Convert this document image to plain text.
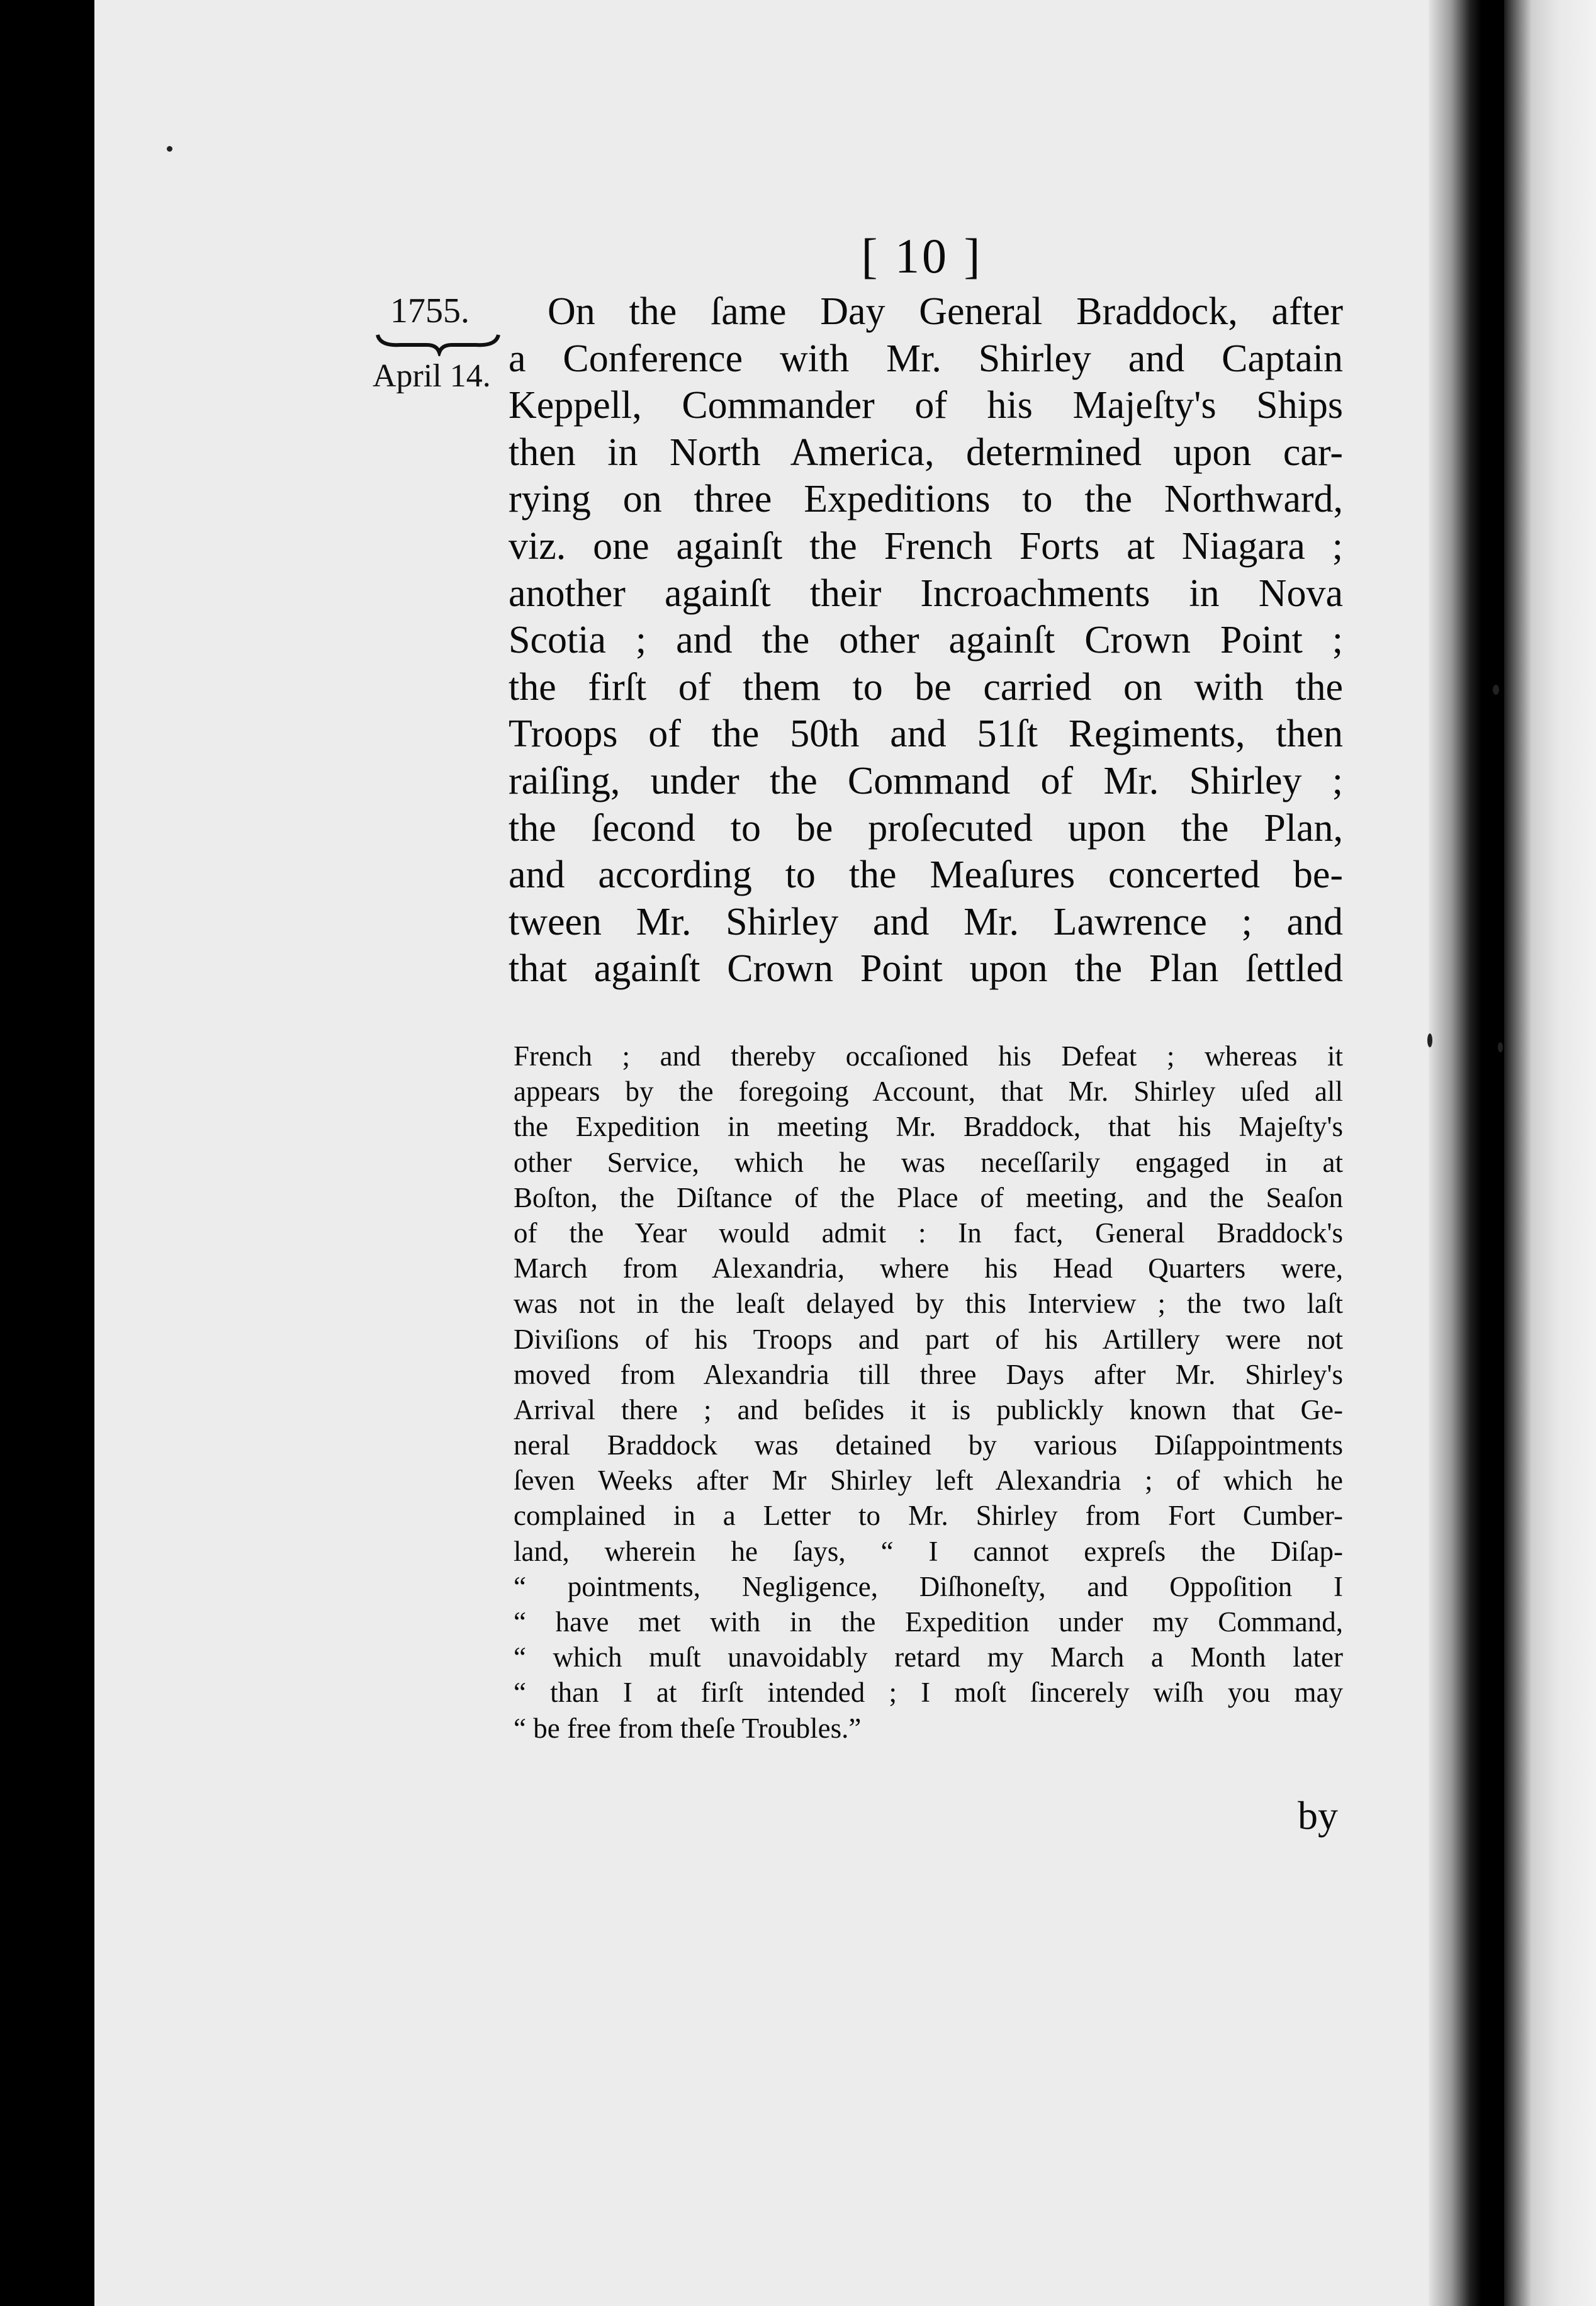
[ 10 ]
1755.
April 14.
On the ſame Day General Braddock, after
a Conference with Mr. Shirley and Captain
Keppell, Commander of his Majeſty's Ships
then in North America, determined upon car-
rying on three Expeditions to the Northward,
viz. one againſt the French Forts at Niagara ;
another againſt their Incroachments in Nova
Scotia ; and the other againſt Crown Point ;
the firſt of them to be carried on with the
Troops of the 50th and 51ſt Regiments, then
raiſing, under the Command of Mr. Shirley ;
the ſecond to be proſecuted upon the Plan,
and according to the Meaſures concerted be-
tween Mr. Shirley and Mr. Lawrence ; and
that againſt Crown Point upon the Plan ſettled
French ; and thereby occaſioned his Defeat ; whereas it
appears by the foregoing Account, that Mr. Shirley uſed all
the Expedition in meeting Mr. Braddock, that his Majeſty's
other Service, which he was neceſſarily engaged in at
Boſton, the Diſtance of the Place of meeting, and the Seaſon
of the Year would admit : In fact, General Braddock's
March from Alexandria, where his Head Quarters were,
was not in the leaſt delayed by this Interview ; the two laſt
Diviſions of his Troops and part of his Artillery were not
moved from Alexandria till three Days after Mr. Shirley's
Arrival there ; and beſides it is publickly known that Ge-
neral Braddock was detained by various Diſappointments
ſeven Weeks after Mr Shirley left Alexandria ; of which he
complained in a Letter to Mr. Shirley from Fort Cumber-
land, wherein he ſays, “ I cannot expreſs the Diſap-
“ pointments, Negligence, Diſhoneſty, and Oppoſition I
“ have met with in the Expedition under my Command,
“ which muſt unavoidably retard my March a Month later
“ than I at firſt intended ; I moſt ſincerely wiſh you may
“ be free from theſe Troubles.”
by
